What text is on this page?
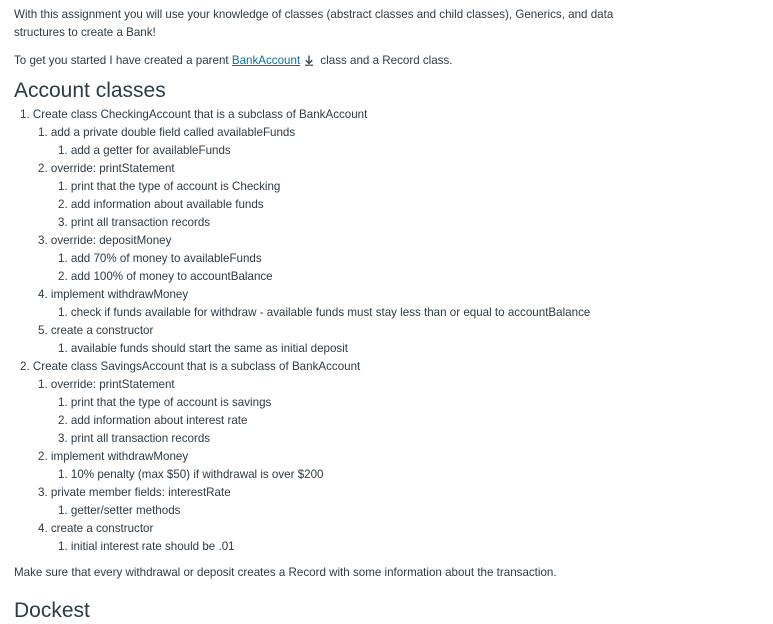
With this assignment you will use your knowledge of classes (abstract classes and child classes), Generics, and data structures to create a Bank!

To get you started I have created a parent BankAccount class and a Record class.

Account classes
1. Create class CheckingAccount that is a subclass of BankAccount
1. add a private double field called availableFunds
1. add a getter for availableFunds
2. override: printStatement
1. print that the type of account is Checking
2. add information about available funds
3. print all transaction records
3. override: depositMoney
1. add 70% of money to availableFunds
2. add 100% of money to accountBalance
4. implement withdrawMoney
1. check if funds available for withdraw - available funds must stay less than or equal to accountBalance
5. create a constructor
1. available funds should start the same as initial deposit
2. Create class SavingsAccount that is a subclass of BankAccount
1. override: printStatement
1. print that the type of account is savings
2. add information about interest rate
3. print all transaction records
2. implement withdrawMoney
1. 10% penalty (max $50) if withdrawal is over $200
3. private member fields: interestRate
1. getter/setter methods
4. create a constructor
1. initial interest rate should be .01

Make sure that every withdrawal or deposit creates a Record with some information about the transaction.

Dockest
